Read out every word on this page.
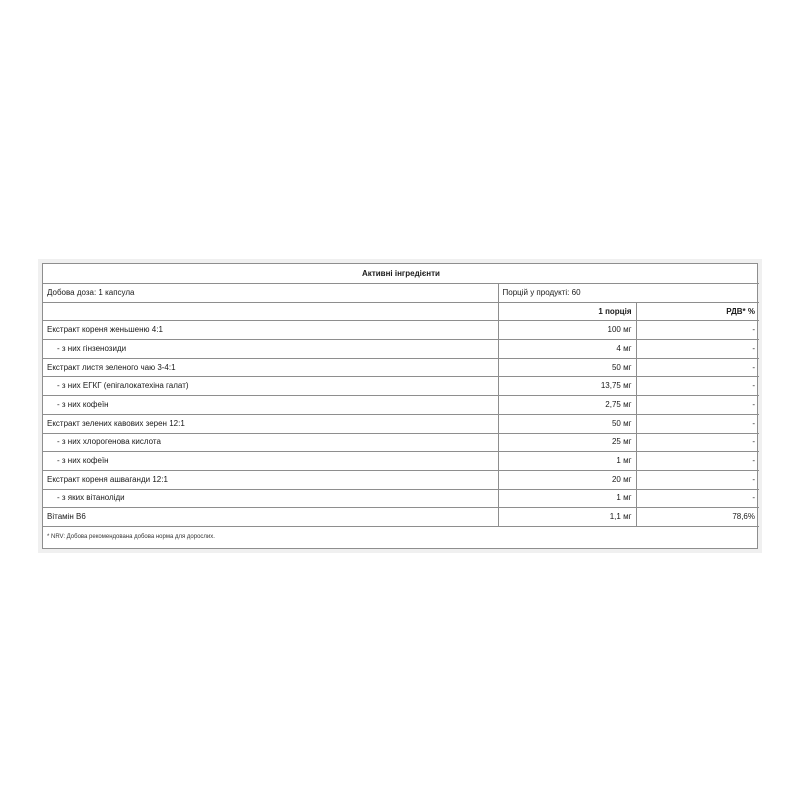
Активні інгредієнти		
Добова доза: 1 капсула	Порцій у продукті: 60	
	1 порція	РДВ* %
Екстракт кореня женьшеню 4:1	100 мг	-
- з них гінзенозиди	4 мг	-
Екстракт листя зеленого чаю 3-4:1	50 мг	-
- з них ЕГКГ (епігалокатехіна галат)	13,75 мг	-
- з них кофеїн	2,75 мг	-
Екстракт зелених кавових зерен 12:1	50 мг	-
- з них хлорогенова кислота	25 мг	-
- з них кофеїн	1 мг	-
Екстракт кореня ашваганди 12:1	20 мг	-
- з яких вітаноліди	1 мг	-
Вітамін В6	1,1 мг	78,6%
* NRV: Добова рекомендована добова норма для дорослих.
